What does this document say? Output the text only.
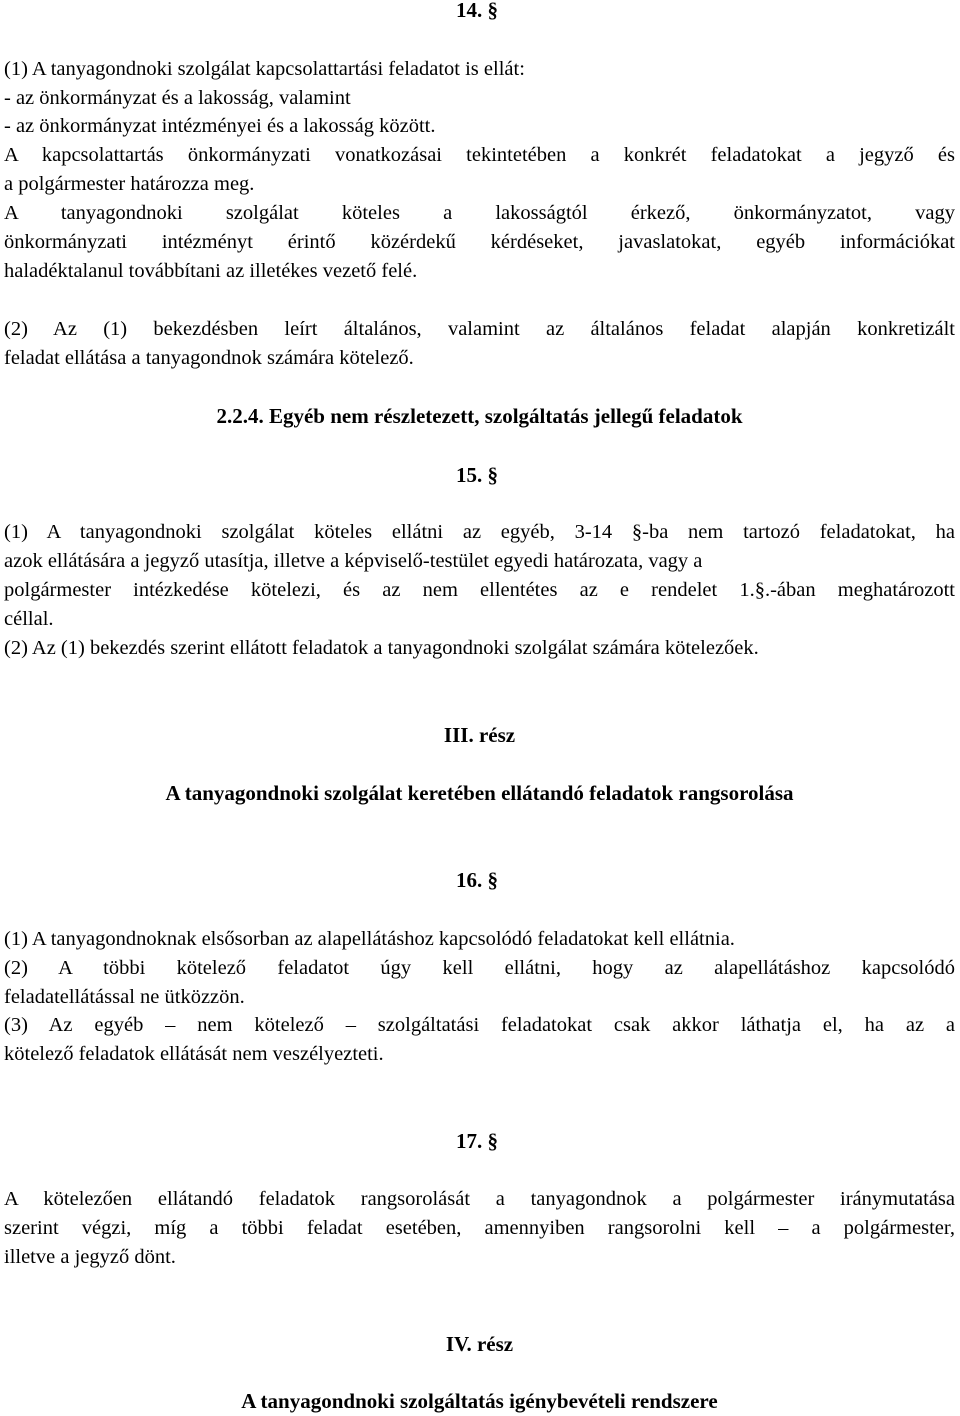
14. §
(1) A tanyagondnoki szolgálat kapcsolattartási feladatot is ellát:
- az önkormányzat és a lakosság, valamint
- az önkormányzat intézményei és a lakosság között.
A kapcsolattartás önkormányzati vonatkozásai tekintetében a konkrét feladatokat a jegyző és
a polgármester határozza meg.
A tanyagondnoki szolgálat köteles a lakosságtól érkező, önkormányzatot, vagy
önkormányzati intézményt érintő közérdekű kérdéseket, javaslatokat, egyéb információkat
haladéktalanul továbbítani az illetékes vezető felé.
(2) Az (1) bekezdésben leírt általános, valamint az általános feladat alapján konkretizált
feladat ellátása a tanyagondnok számára kötelező.
2.2.4. Egyéb nem részletezett, szolgáltatás jellegű feladatok
15. §
(1) A tanyagondnoki szolgálat köteles ellátni az egyéb, 3-14 §-ba nem tartozó feladatokat, ha
azok ellátására a jegyző utasítja, illetve a képviselő-testület egyedi határozata, vagy a
polgármester intézkedése kötelezi, és az nem ellentétes az e rendelet 1.§.-ában meghatározott
céllal.
(2) Az (1) bekezdés szerint ellátott feladatok a tanyagondnoki szolgálat számára kötelezőek.
III. rész
A tanyagondnoki szolgálat keretében ellátandó feladatok rangsorolása
16. §
(1) A tanyagondnoknak elsősorban az alapellátáshoz kapcsolódó feladatokat kell ellátnia.
(2) A többi kötelező feladatot úgy kell ellátni, hogy az alapellátáshoz kapcsolódó
feladatellátással ne ütközzön.
(3) Az egyéb – nem kötelező – szolgáltatási feladatokat csak akkor láthatja el, ha az a
kötelező feladatok ellátását nem veszélyezteti.
17. §
A kötelezően ellátandó feladatok rangsorolását a tanyagondnok a polgármester iránymutatása
szerint végzi, míg a többi feladat esetében, amennyiben rangsorolni kell – a polgármester,
illetve a jegyző dönt.
IV. rész
A tanyagondnoki szolgáltatás igénybevételi rendszere
